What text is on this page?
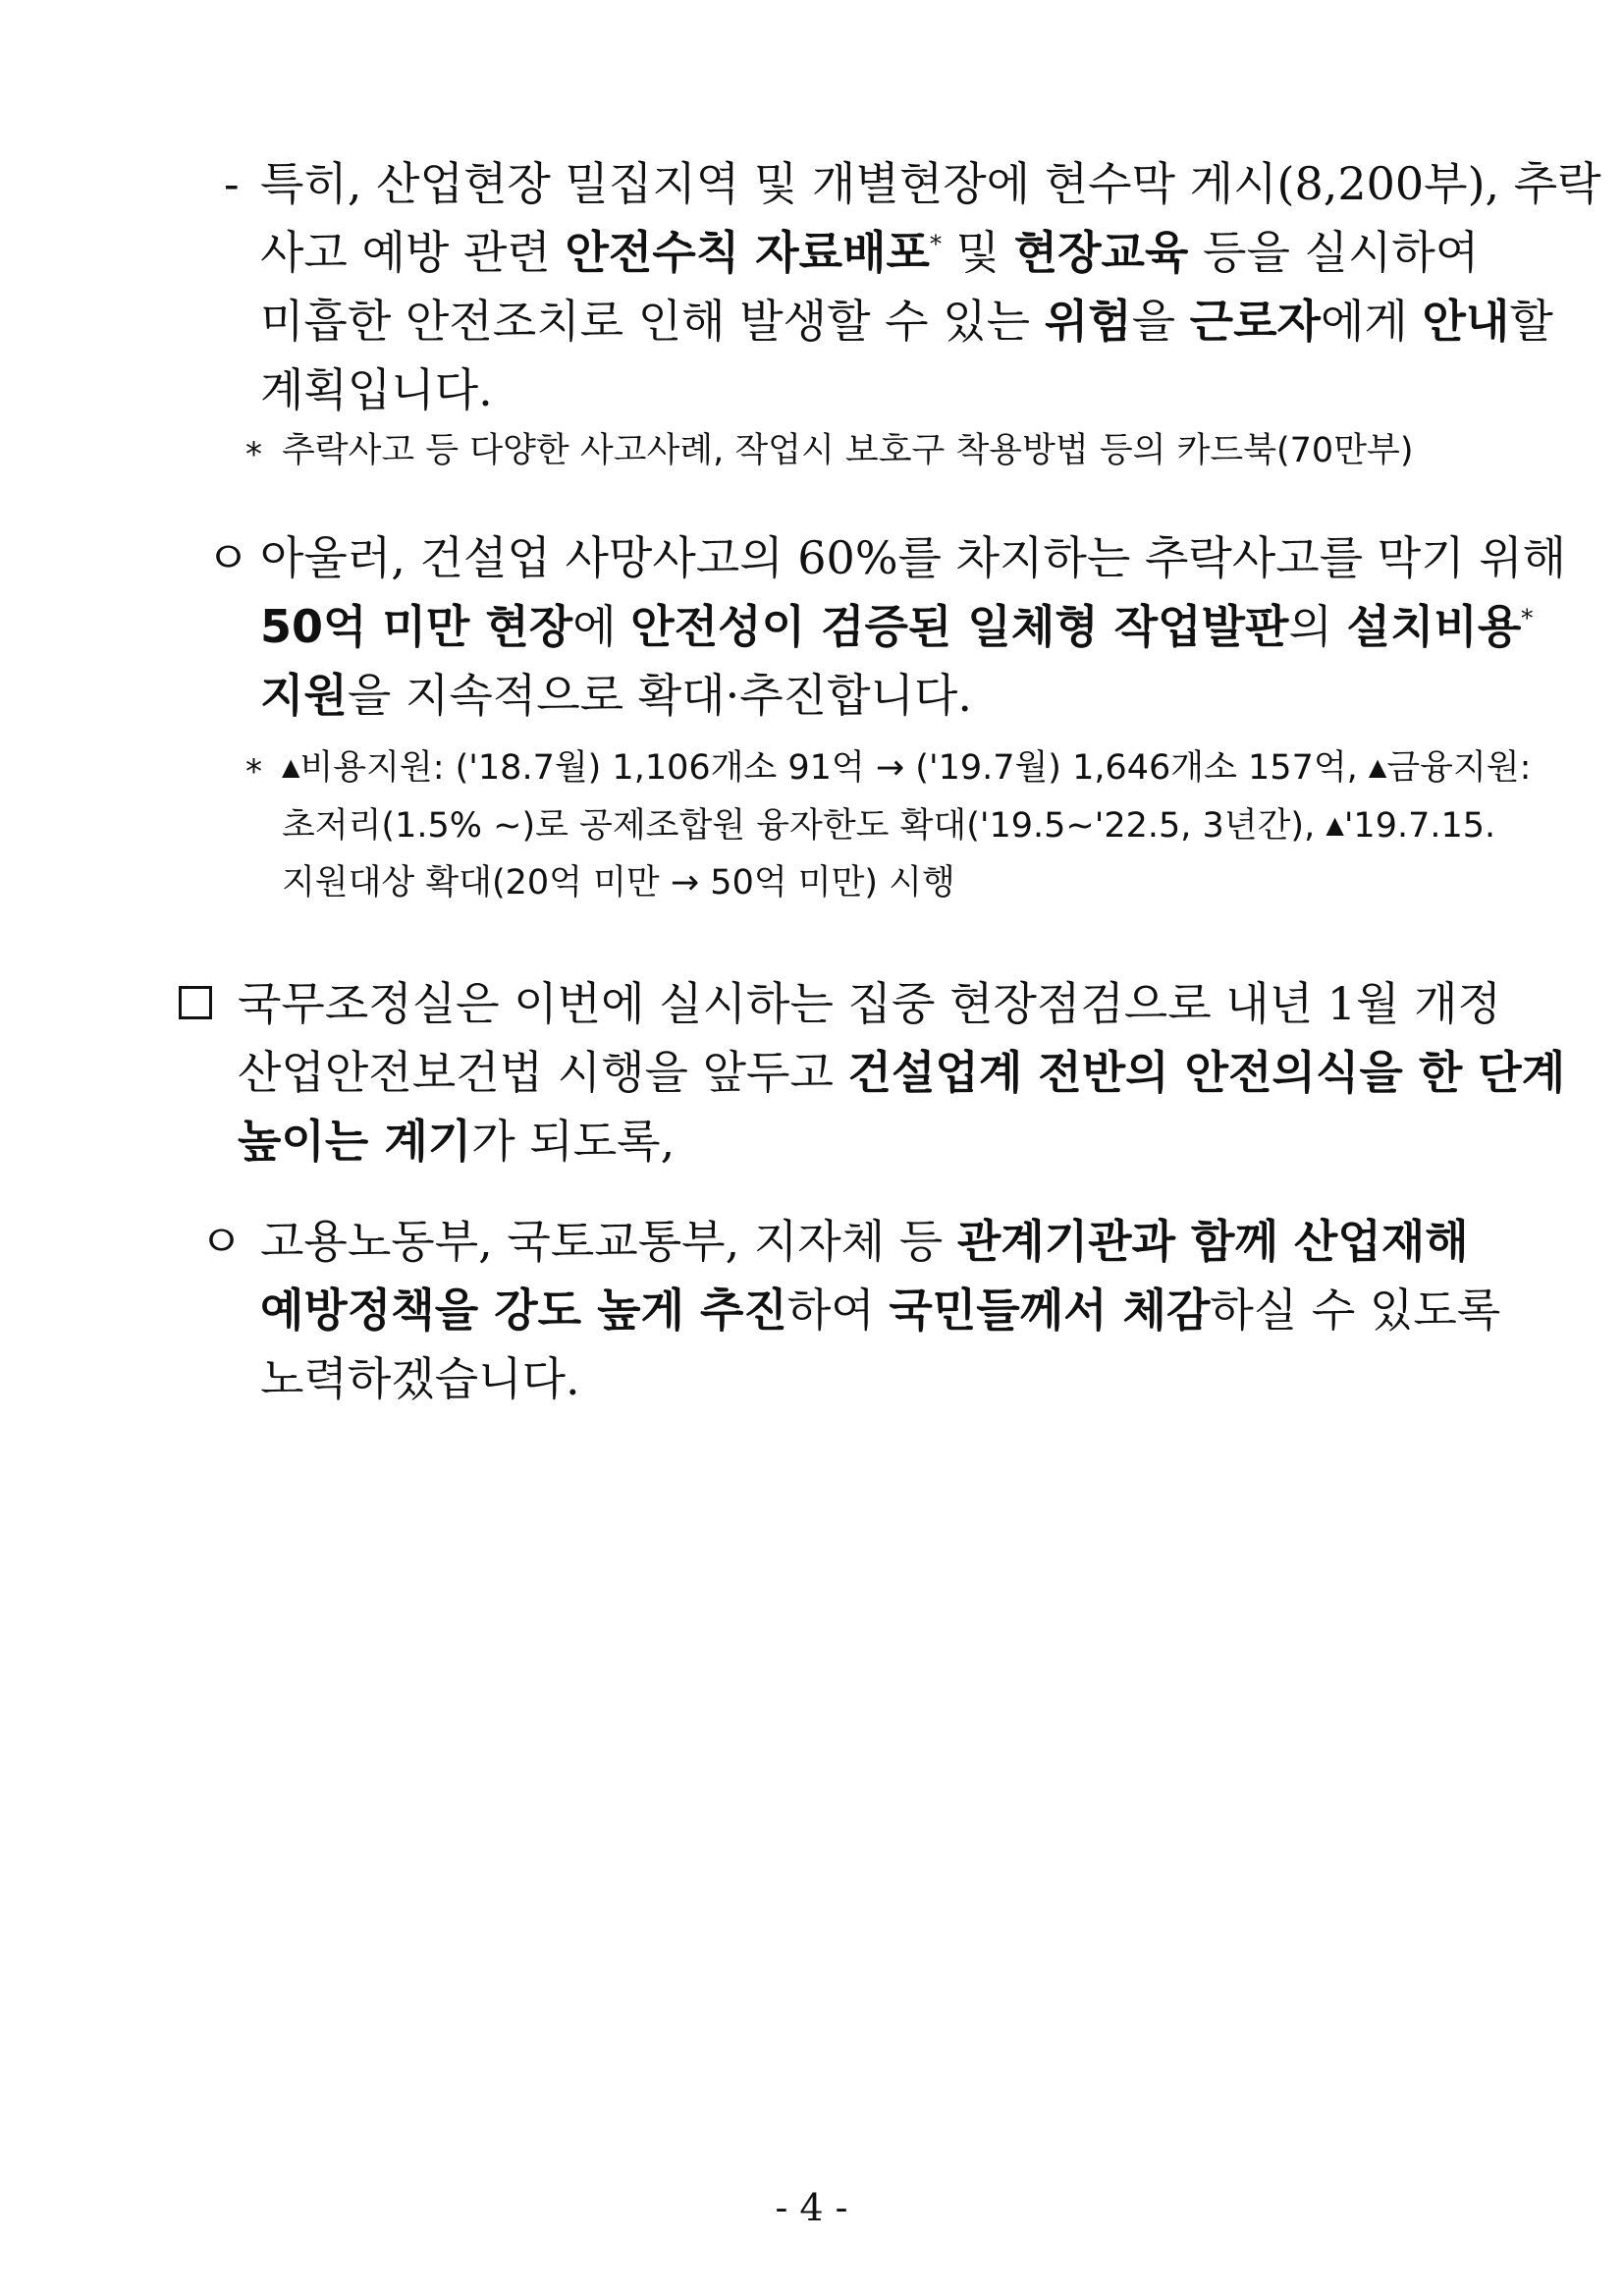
- 특히, 산업현장 밀집지역 및 개별현장에 현수막 게시(8,200부), 추락
사고 예방 관련 안전수칙 자료배포* 및 현장교육 등을 실시하여
미흡한 안전조치로 인해 발생할 수 있는 위험을 근로자에게 안내할
계획입니다.
* 추락사고 등 다양한 사고사례, 작업시 보호구 착용방법 등의 카드북(70만부)
ㅇ 아울러, 건설업 사망사고의 60%를 차지하는 추락사고를 막기 위해
50억 미만 현장에 안전성이 검증된 일체형 작업발판의 설치비용*
지원을 지속적으로 확대·추진합니다.
* ▲비용지원: ('18.7월) 1,106개소 91억 → ('19.7월) 1,646개소 157억, ▲금융지원:
초저리(1.5% ~)로 공제조합원 융자한도 확대('19.5~'22.5, 3년간), ▲'19.7.15.
지원대상 확대(20억 미만 → 50억 미만) 시행
국무조정실은 이번에 실시하는 집중 현장점검으로 내년 1월 개정
산업안전보건법 시행을 앞두고 건설업계 전반의 안전의식을 한 단계
높이는 계기가 되도록,
ㅇ 고용노동부, 국토교통부, 지자체 등 관계기관과 함께 산업재해
예방정책을 강도 높게 추진하여 국민들께서 체감하실 수 있도록
노력하겠습니다.
- 4 -
